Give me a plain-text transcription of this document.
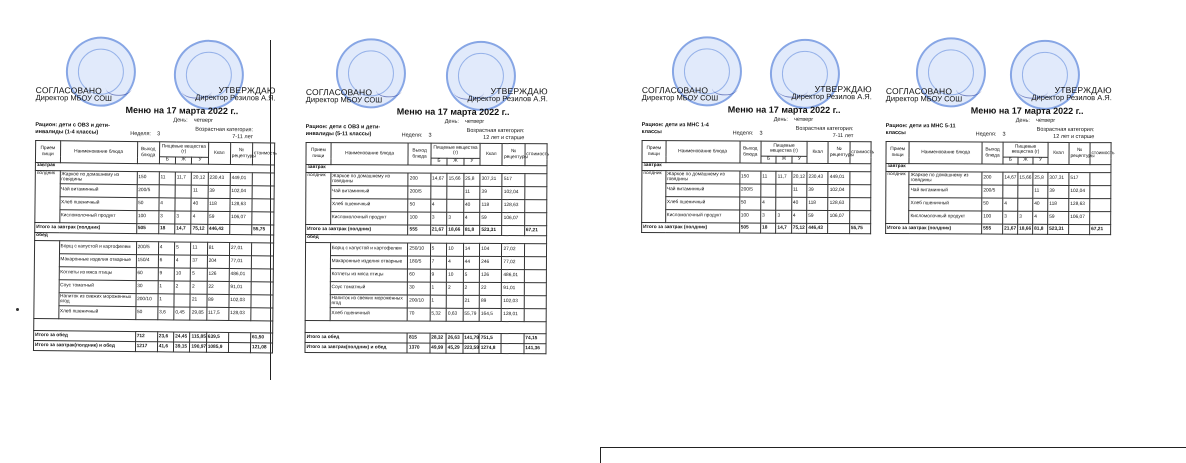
СОГЛАСОВАНО
Директор МБОУ СОШ
УТВЕРЖДАЮ
Директор Резилов А.Я.
Меню на 17 марта 2022 г..
День: четверг
Рацион: дети с ОВЗ и дети-инвалиды (1-4 классы)	Неделя: 3
Возрастная категория:
7-11 лет
Прием пищи	Наименование блюда	Выход блюда	Пищевые вещества (г)			Ккал	№ рецептуры	стоимость
			Б	Ж	У			
завтрак								
полдник	Жаркое по домашнему из говядины	150	11	11,7	20,12	230,43	449,01	
	Чай витаминный	200/5			11	39	102,04	
	Хлеб пшеничный	50	4		40	118	128,63	
	Кисломолочный продукт	100	3	3	4	59	106,07	
Итого за завтрак (полдник)		505	18	14,7	75,12	446,43		55,75
обед								
	Борщ с капустой и картофелем	200/5	4	5	11	81	27,01	
	Макаронные изделия отварные	150/4	6	4	37	204	77,01	
	Котлеты из мяса птицы	60	9	10	5	126	486,01	
	Соус томатный	30	1	2	2	22	91,01	
	Напиток из свежих мороженных ягод	200/10	1		21	89	102,03	
	Хлеб пшеничный	50	3,6	0,45	29,85	117,5	128,03	

Итого за обед		712	23,6	24,45	115,85	639,5		61,50
Итого за завтрак(полдник) и обед		1217	41,6	39,15	190,97	1085,9		121,08
СОГЛАСОВАНО
Директор МБОУ СОШ
УТВЕРЖДАЮ
Директор Резилов А.Я.
Меню на 17 марта 2022 г..
День: четверг
Рацион: дети с ОВЗ и дети-инвалиды (5-11 классы)	Неделя: 3
Возрастная категория:
12 лет и старше
Прием пищи	Наименование блюда	Выход блюда	Пищевые вещества (г)			Ккал	№ рецептуры	стоимость
			Б	Ж	У			
завтрак								
полдник	Жаркое по домашнему из говядины	200	14,67	15,66	25,8	307,31	517	
	Чай витаминный	200/5			11	39	102,04	
	Хлеб пшеничный	50	4		40	118	128,63	
	Кисломолочный продукт	100	3	3	4	59	106,07	
Итого за завтрак (полдник)		555	21,67	18,66	81,8	523,31		67,21
обед								
	Борщ с капустой и картофелем	250/10	5	10	14	104	27,02	
	Макаронные изделия отварные	180/5	7	4	44	246	77,02	
	Котлеты из мяса птицы	60	9	10	5	126	486,01	
	Соус томатный	30	1	2	2	22	91,01	
	Напиток из свежих мороженных ягод	200/10	1		21	89	102,03	
	Хлеб пшеничный	70	5,32	0,63	55,79	164,5	128,01	

Итого за обед		815	28,32	26,63	141,79	751,5		74,15
Итого за завтрак(полдник) и обед		1370	49,99	45,29	223,59	1274,8		141,36
СОГЛАСОВАНО
Директор МБОУ СОШ
УТВЕРЖДАЮ
Директор Резилов А.Я.
Меню на 17 марта 2022 г..
День: четверг
Рацион: дети из МНС 1-4 классы	Неделя: 3
Возрастная категория:
7-11 лет
Прием пищи	Наименование блюда	Выход блюда	Пищевые вещества (г)			Ккал	№ рецептуры	стоимость
			Б	Ж	У			
завтрак								
полдник	Жаркое по домашнему из говядины	150	11	11,7	20,12	230,43	449,01	
	Чай витаминный	200/5			11	39	102,04	
	Хлеб пшеничный	50	4		40	118	128,63	
	Кисломолочный продукт	100	3	3	4	59	106,07	
Итого за завтрак (полдник)		505	18	14,7	75,12	446,43		55,75
СОГЛАСОВАНО
Директор МБОУ СОШ
УТВЕРЖДАЮ
Директор Резилов А.Я.
Меню на 17 марта 2022 г..
День: четверг
Рацион: дети из МНС 5-11 классы	Неделя: 3
Возрастная категория:
12 лет и старше
Прием пищи	Наименование блюда	Выход блюда	Пищевые вещества (г)			Ккал	№ рецептуры	стоимость
			Б	Ж	У			
завтрак								
полдник	Жаркое по домашнему из говядины	200	14,67	15,66	25,8	307,31	517	
	Чай витаминный	200/5			11	39	102,04	
	Хлеб пшеничный	50	4		40	118	128,63	
	Кисломолочный продукт	100	3	3	4	59	106,07	
Итого за завтрак (полдник)		555	21,67	18,66	81,8	523,31		67,21
